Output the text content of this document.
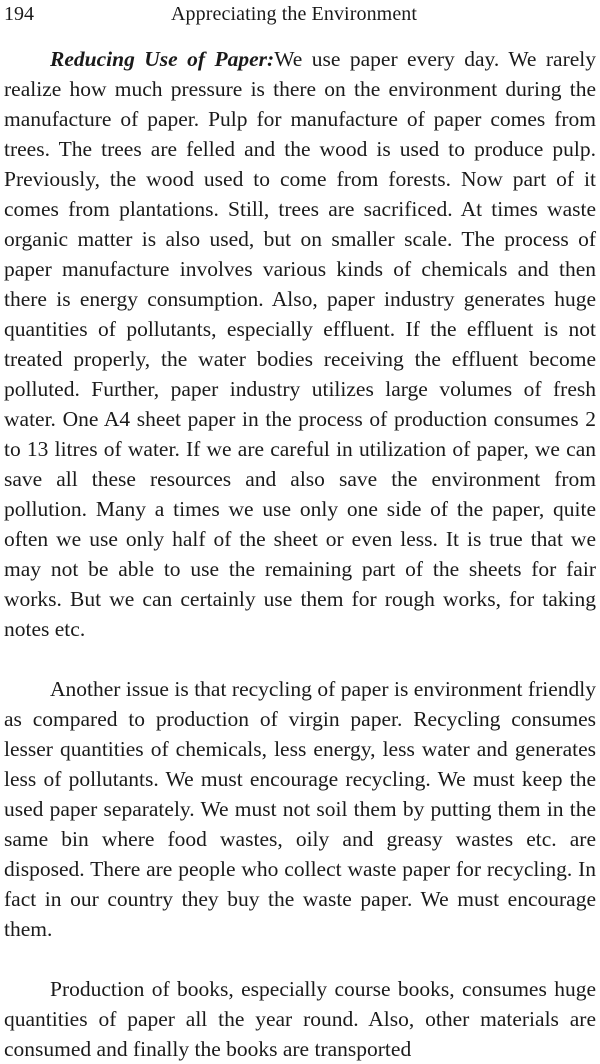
194	Appreciating the Environment

Reducing Use of Paper:We use paper every day. We rarely realize how much pressure is there on the environment during the manufacture of paper. Pulp for manufacture of paper comes from trees. The trees are felled and the wood is used to produce pulp. Previously, the wood used to come from forests. Now part of it comes from plantations. Still, trees are sacrificed. At times waste organic matter is also used, but on smaller scale. The process of paper manufacture involves various kinds of chemicals and then there is energy consumption. Also, paper industry generates huge quantities of pollutants, especially effluent. If the effluent is not treated properly, the water bodies receiving the effluent become polluted. Further, paper industry utilizes large volumes of fresh water. One A4 sheet paper in the process of production consumes 2 to 13 litres of water. If we are careful in utilization of paper, we can save all these resources and also save the environment from pollution. Many a times we use only one side of the paper, quite often we use only half of the sheet or even less. It is true that we may not be able to use the remaining part of the sheets for fair works. But we can certainly use them for rough works, for taking notes etc.

Another issue is that recycling of paper is environment friendly as compared to production of virgin paper. Recycling consumes lesser quantities of chemicals, less energy, less water and generates less of pollutants. We must encourage recycling. We must keep the used paper separately. We must not soil them by putting them in the same bin where food wastes, oily and greasy wastes etc. are disposed. There are people who collect waste paper for recycling. In fact in our country they buy the waste paper. We must encourage them.

Production of books, especially course books, consumes huge quantities of paper all the year round. Also, other materials are consumed and finally the books are transported
